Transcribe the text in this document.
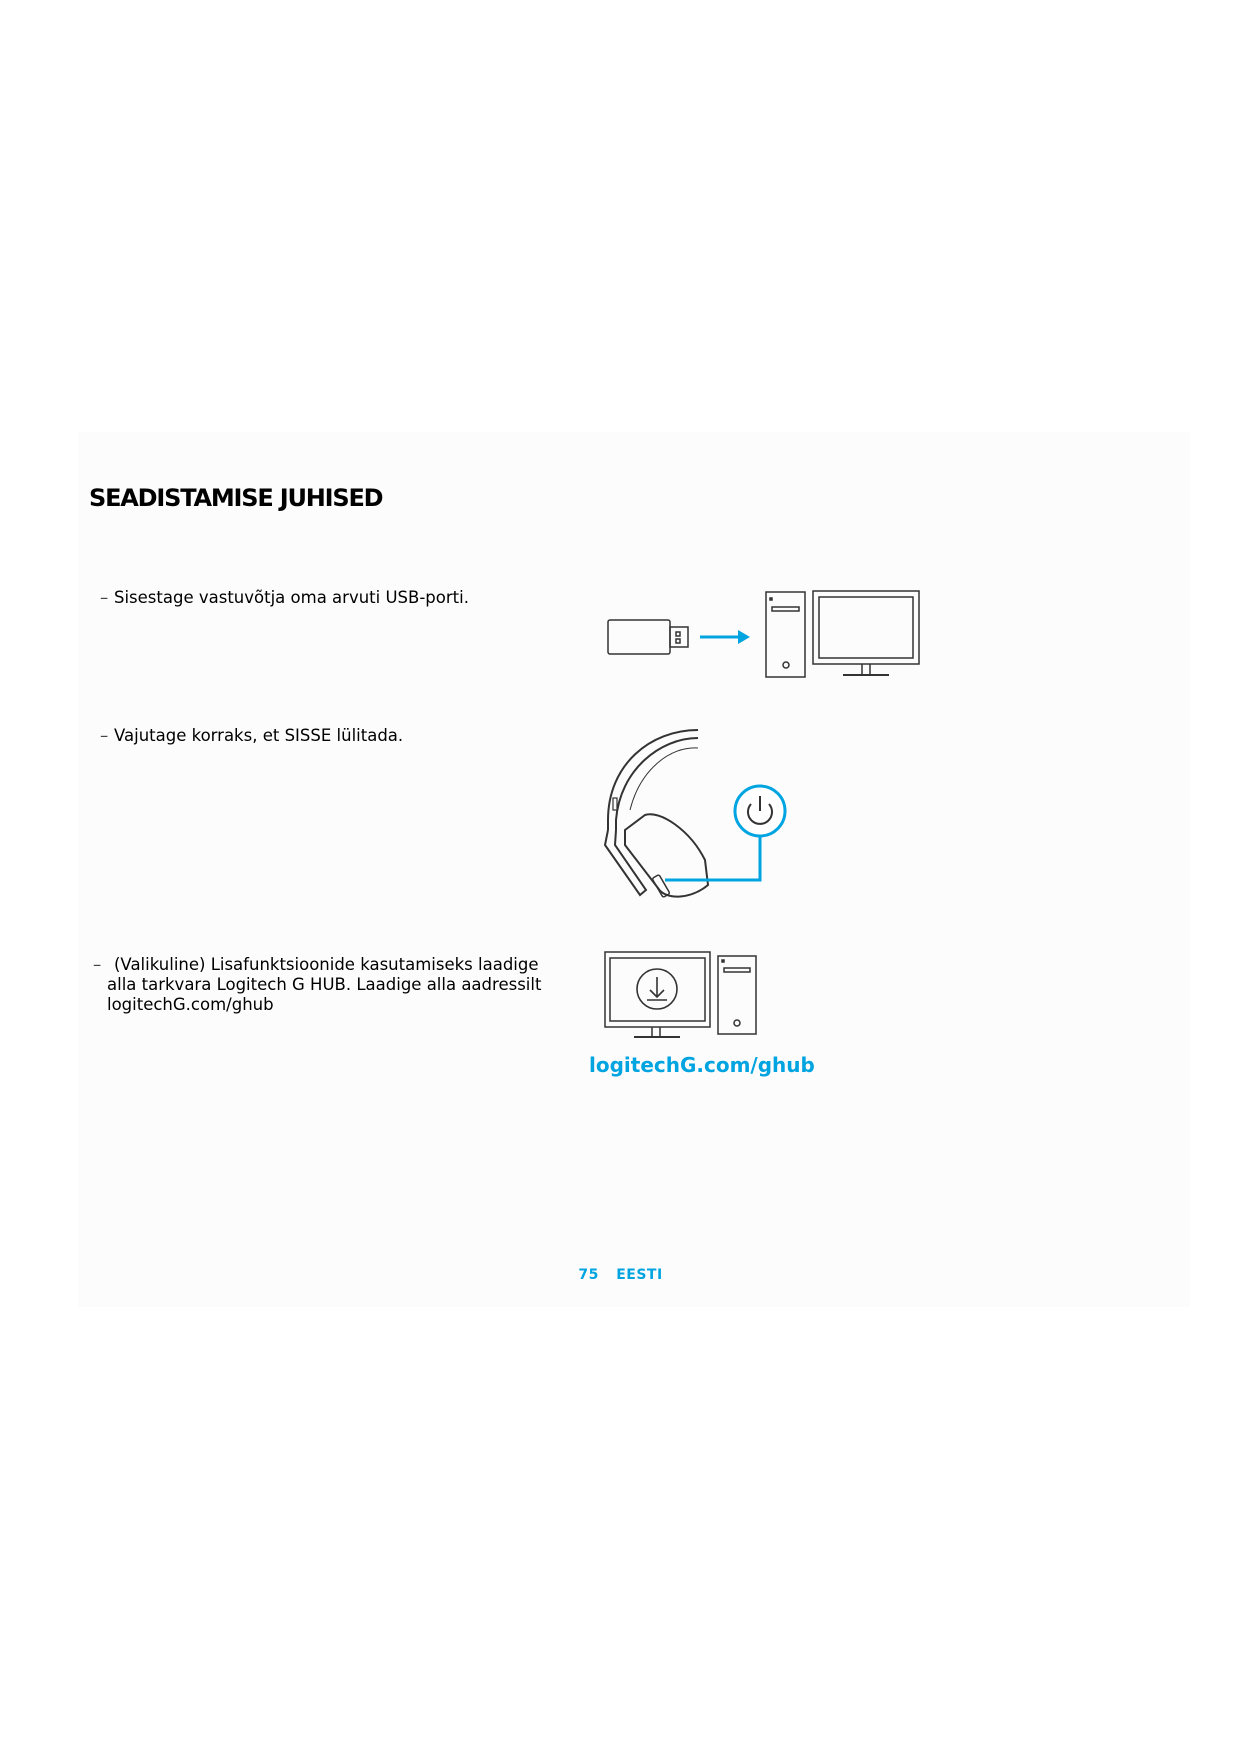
SEADISTAMISE JUHISED

– Sisestage vastuvõtja oma arvuti USB-porti.

– Vajutage korraks, et SISSE lülitada.

– (Valikuline) Lisafunktsioonide kasutamiseks laadige alla tarkvara Logitech G HUB. Laadige alla aadressilt logitechG.com/ghub

logitechG.com/ghub

75 EESTI
